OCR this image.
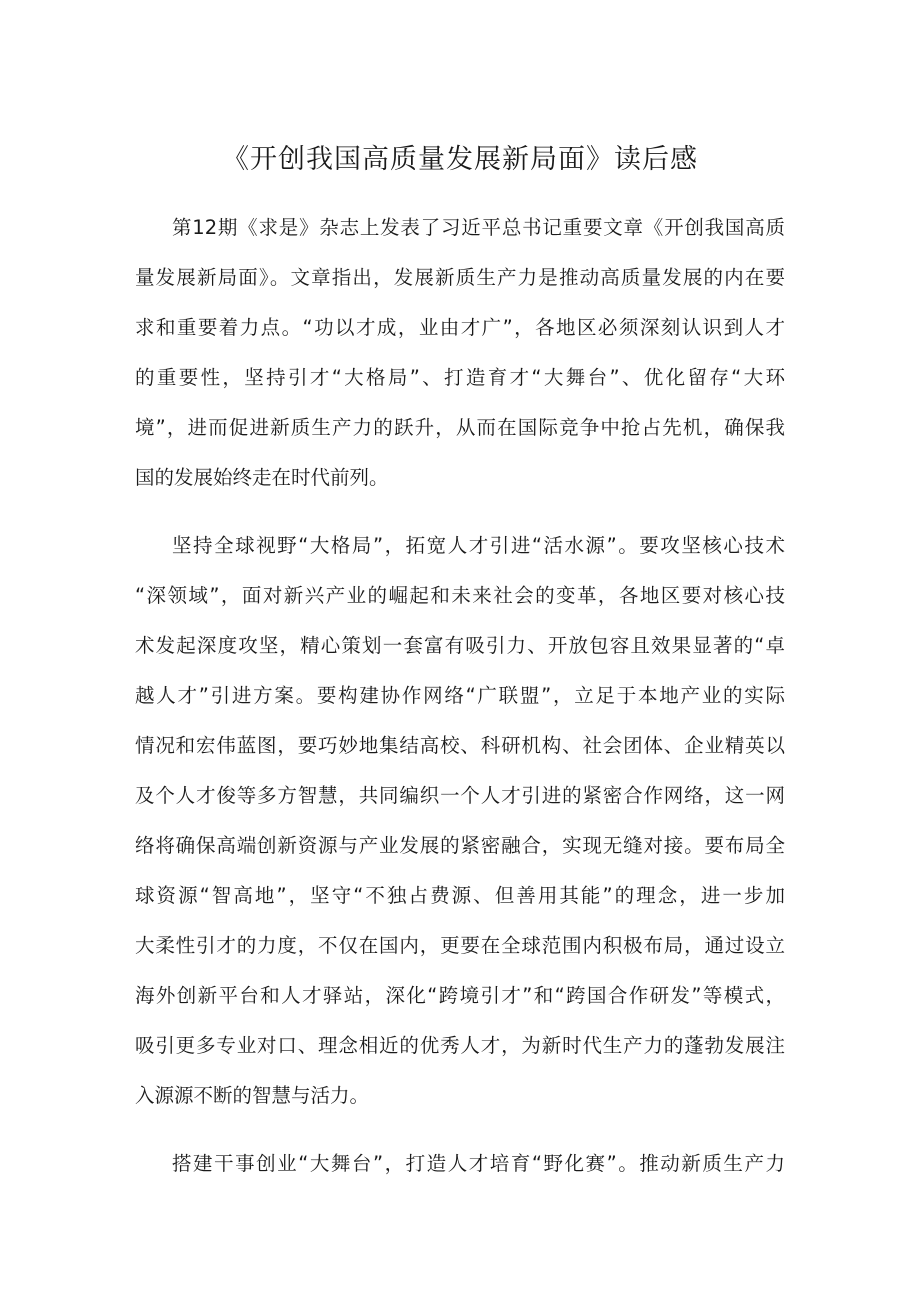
《开创我国高质量发展新局面》读后感
第12期《求是》杂志上发表了习近平总书记重要文章《开创我国高质
量发展新局面》。文章指出，发展新质生产力是推动高质量发展的内在要
求和重要着力点。“功以才成，业由才广”，各地区必须深刻认识到人才
的重要性，坚持引才“大格局”、打造育才“大舞台”、优化留存“大环
境”，进而促进新质生产力的跃升，从而在国际竞争中抢占先机，确保我
国的发展始终走在时代前列。
坚持全球视野“大格局”，拓宽人才引进“活水源”。要攻坚核心技术
“深领域”，面对新兴产业的崛起和未来社会的变革，各地区要对核心技
术发起深度攻坚，精心策划一套富有吸引力、开放包容且效果显著的“卓
越人才”引进方案。要构建协作网络“广联盟”，立足于本地产业的实际
情况和宏伟蓝图，要巧妙地集结高校、科研机构、社会团体、企业精英以
及个人才俊等多方智慧，共同编织一个人才引进的紧密合作网络，这一网
络将确保高端创新资源与产业发展的紧密融合，实现无缝对接。要布局全
球资源“智高地”，坚守“不独占费源、但善用其能”的理念，进一步加
大柔性引才的力度，不仅在国内，更要在全球范围内积极布局，通过设立
海外创新平台和人才驿站，深化“跨境引才”和“跨国合作研发”等模式，
吸引更多专业对口、理念相近的优秀人才，为新时代生产力的蓬勃发展注
入源源不断的智慧与活力。
搭建干事创业“大舞台”，打造人才培育“野化赛”。推动新质生产力
